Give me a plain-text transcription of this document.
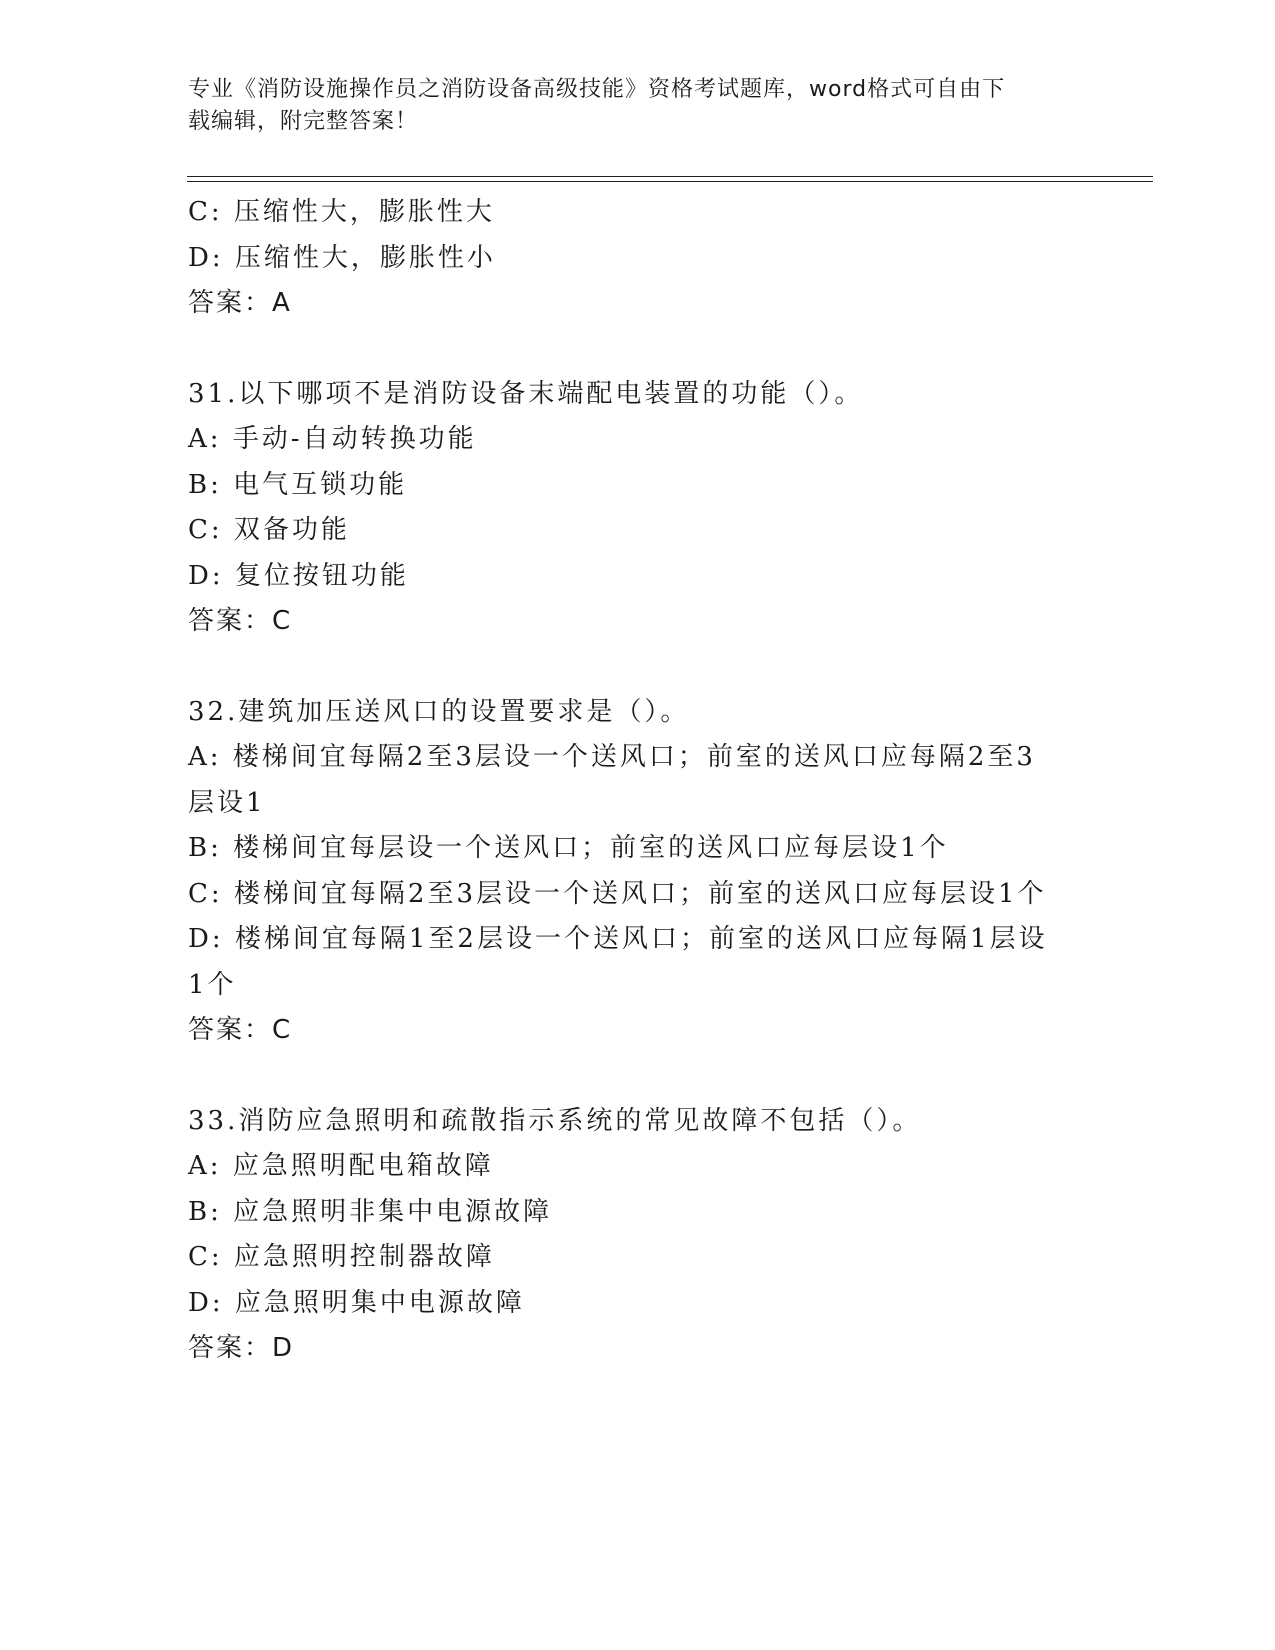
专业《消防设施操作员之消防设备高级技能》资格考试题库，word格式可自由下
载编辑，附完整答案！
C: 压缩性大，膨胀性大
D: 压缩性大，膨胀性小
答案：A
31.以下哪项不是消防设备末端配电装置的功能（）。
A: 手动-自动转换功能
B: 电气互锁功能
C: 双备功能
D: 复位按钮功能
答案：C
32.建筑加压送风口的设置要求是（）。
A: 楼梯间宜每隔2至3层设一个送风口；前室的送风口应每隔2至3
层设1
B: 楼梯间宜每层设一个送风口；前室的送风口应每层设1个
C: 楼梯间宜每隔2至3层设一个送风口；前室的送风口应每层设1个
D: 楼梯间宜每隔1至2层设一个送风口；前室的送风口应每隔1层设
1个
答案：C
33.消防应急照明和疏散指示系统的常见故障不包括（）。
A: 应急照明配电箱故障
B: 应急照明非集中电源故障
C: 应急照明控制器故障
D: 应急照明集中电源故障
答案：D
